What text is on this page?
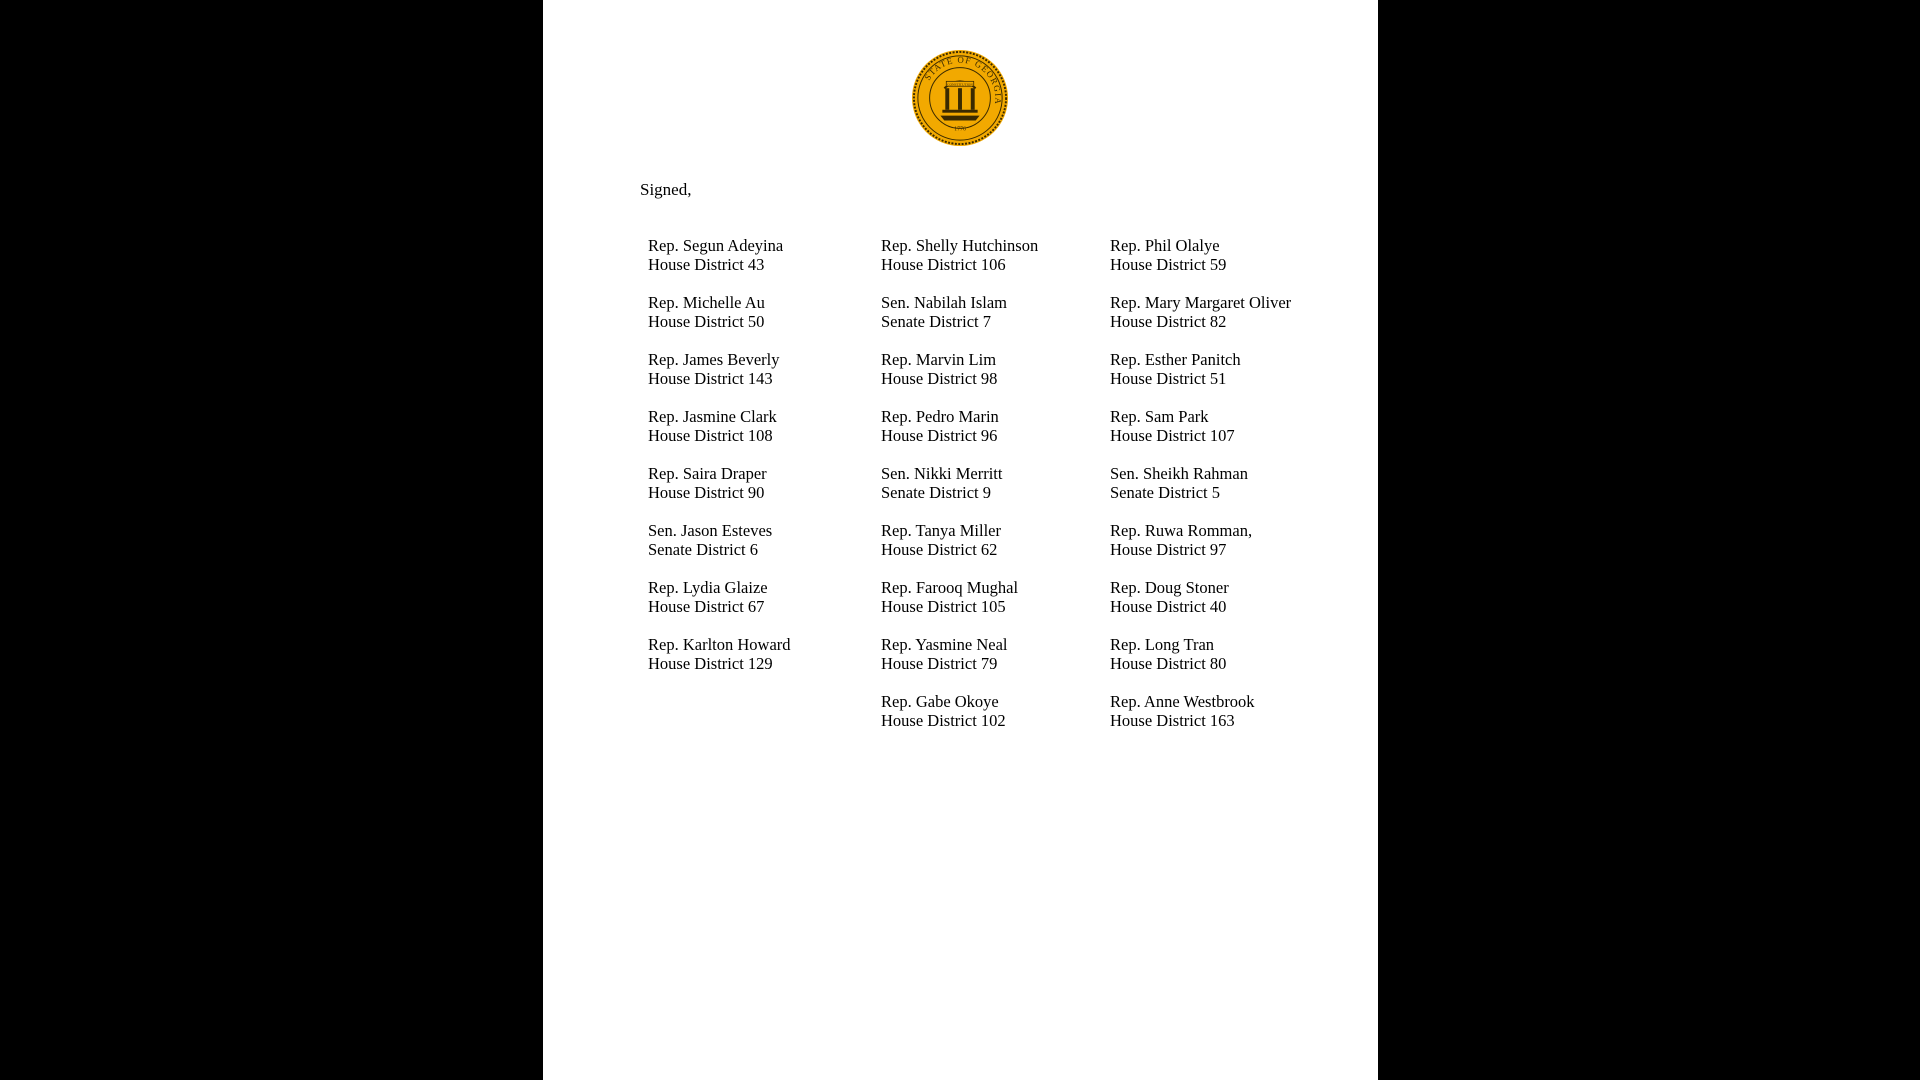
STATE OF GEORGIA
CONSTITUTION
1776
Signed,
Rep. Segun Adeyina
House District 43
Rep. Michelle Au
House District 50
Rep. James Beverly
House District 143
Rep. Jasmine Clark
House District 108
Rep. Saira Draper
House District 90
Sen. Jason Esteves
Senate District 6
Rep. Lydia Glaize
House District 67
Rep. Karlton Howard
House District 129
Rep. Shelly Hutchinson
House District 106
Sen. Nabilah Islam
Senate District 7
Rep. Marvin Lim
House District 98
Rep. Pedro Marin
House District 96
Sen. Nikki Merritt
Senate District 9
Rep. Tanya Miller
House District 62
Rep. Farooq Mughal
House District 105
Rep. Yasmine Neal
House District 79
Rep. Gabe Okoye
House District 102
Rep. Phil Olalye
House District 59
Rep. Mary Margaret Oliver
House District 82
Rep. Esther Panitch
House District 51
Rep. Sam Park
House District 107
Sen. Sheikh Rahman
Senate District 5
Rep. Ruwa Romman,
House District 97
Rep. Doug Stoner
House District 40
Rep. Long Tran
House District 80
Rep. Anne Westbrook
House District 163
